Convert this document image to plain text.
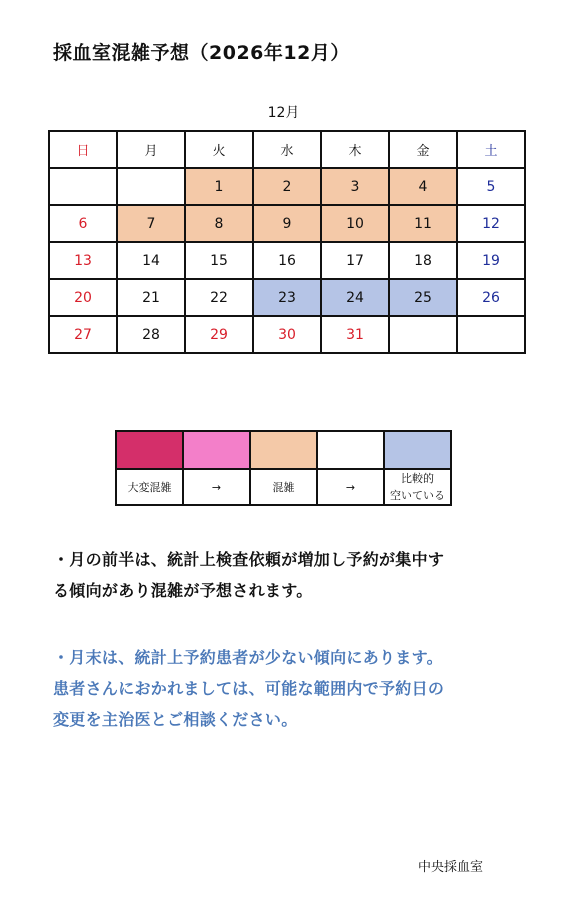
採血室混雑予想（2026年12月）
12月
日	月	火	水	木	金	土
		1	2	3	4	5
6	7	8	9	10	11	12
13	14	15	16	17	18	19
20	21	22	23	24	25	26
27	28	29	30	31		

大変混雑	→	混雑	→	比較的
空いている
・月の前半は、統計上検査依頼が増加し予約が集中す
る傾向があり混雑が予想されます。
・月末は、統計上予約患者が少ない傾向にあります。
患者さんにおかれましては、可能な範囲内で予約日の
変更を主治医とご相談ください。
中央採血室
